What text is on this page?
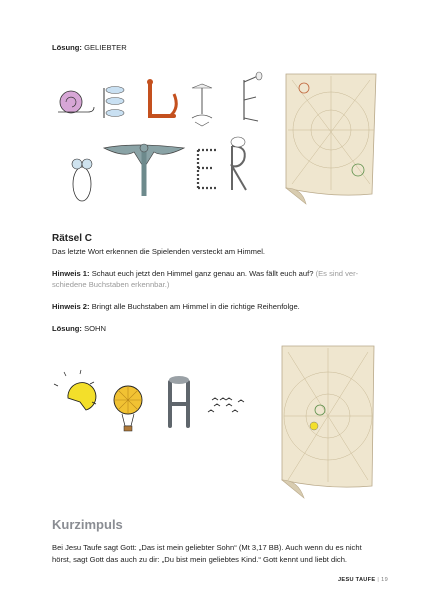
Lösung: GELIEBTER

Rätsel C

Das letzte Wort erkennen die Spielenden versteckt am Himmel.

Hinweis 1: Schaut euch jetzt den Himmel ganz genau an. Was fällt euch auf? (Es sind ver-

schiedene Buchstaben erkennbar.)

Hinweis 2: Bringt alle Buchstaben am Himmel in die richtige Reihenfolge.

Lösung: SOHN

Kurzimpuls

Bei Jesu Taufe sagt Gott: „Das ist mein geliebter Sohn“ (Mt 3,17 BB). Auch wenn du es nicht

hörst, sagt Gott das auch zu dir: „Du bist mein geliebtes Kind.“ Gott kennt und liebt dich.

JESU TAUFE | 19
